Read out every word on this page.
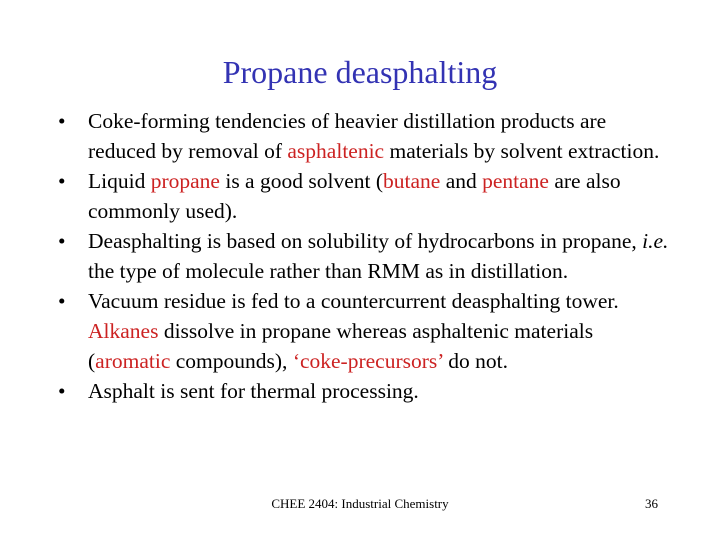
Propane deasphalting
•	Coke-forming tendencies of heavier distillation products are reduced by removal of asphaltenic materials by solvent extraction.
•	Liquid propane is a good solvent (butane and pentane are also commonly used).
•	Deasphalting is based on solubility of hydrocarbons in propane, i.e. the type of molecule rather than RMM as in distillation.
•	Vacuum residue is fed to a countercurrent deasphalting tower. Alkanes dissolve in propane whereas asphaltenic materials (aromatic compounds), ‘coke-precursors’ do not.
•	Asphalt is sent for thermal processing.
CHEE 2404: Industrial Chemistry	36
